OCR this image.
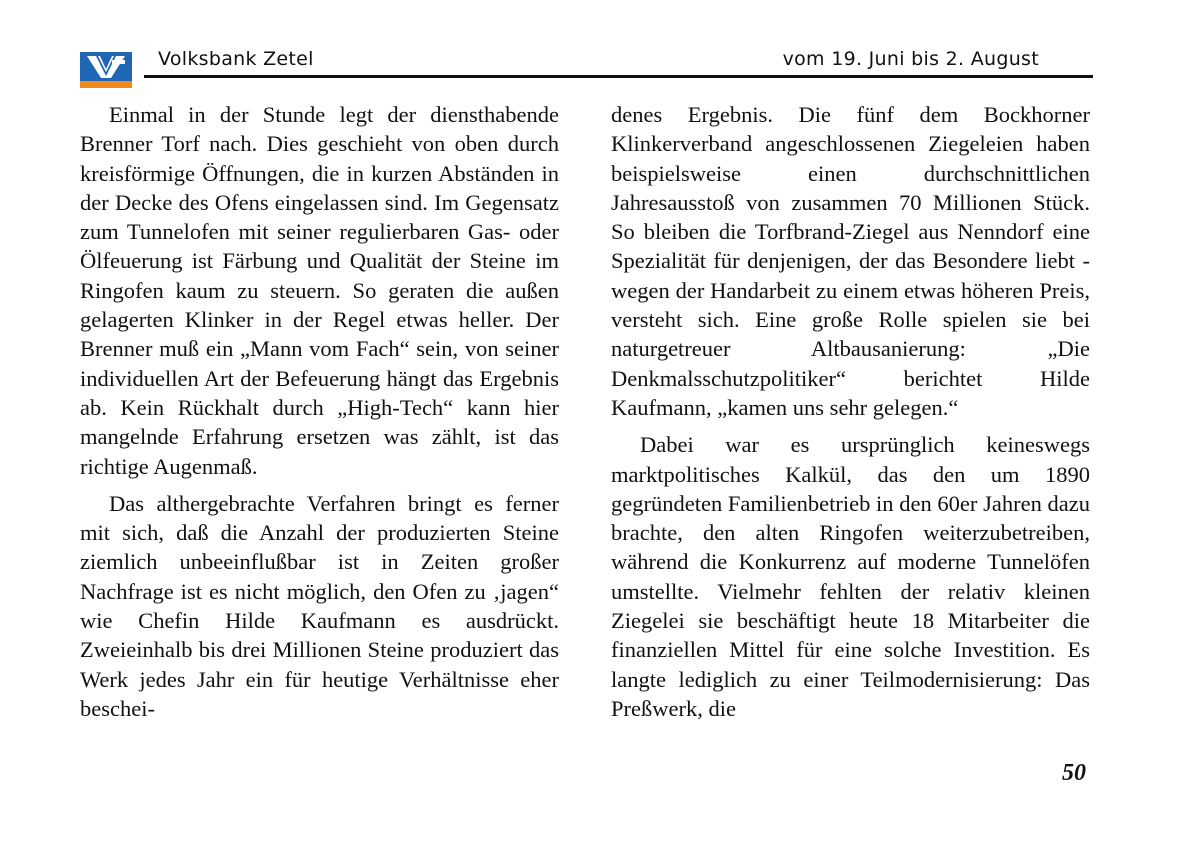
Volksbank Zetel	vom 19. Juni bis 2. August

Einmal in der Stunde legt der diensthabende Brenner Torf nach. Dies geschieht von oben durch kreisförmige Öffnungen, die in kurzen Abständen in der Decke des Ofens eingelassen sind. Im Gegensatz zum Tunnelofen mit seiner regulierbaren Gas- oder Ölfeuerung ist Färbung und Qualität der Steine im Ringofen kaum zu steuern. So geraten die außen gelagerten Klinker in der Regel etwas heller. Der Brenner muß ein „Mann vom Fach“ sein, von seiner individuellen Art der Befeuerung hängt das Ergebnis ab. Kein Rückhalt durch „High-Tech“ kann hier mangelnde Erfahrung ersetzen was zählt, ist das richtige Augenmaß.

Das althergebrachte Verfahren bringt es ferner mit sich, daß die Anzahl der produzierten Steine ziemlich unbeeinflußbar ist in Zeiten großer Nachfrage ist es nicht möglich, den Ofen zu ‚jagen“ wie Chefin Hilde Kaufmann es ausdrückt. Zweieinhalb bis drei Millionen Steine produziert das Werk jedes Jahr ein für heutige Verhältnisse eher beschei-

denes Ergebnis. Die fünf dem Bockhorner Klinkerverband angeschlossenen Ziegeleien haben beispielsweise einen durchschnittlichen Jahresausstoß von zusammen 70 Millionen Stück. So bleiben die Torfbrand-Ziegel aus Nenndorf eine Spezialität für denjenigen, der das Besondere liebt - wegen der Handarbeit zu einem etwas höheren Preis, versteht sich. Eine große Rolle spielen sie bei naturgetreuer Altbausanierung: „Die Denkmalsschutzpolitiker“ berichtet Hilde Kaufmann, „kamen uns sehr gelegen.“

Dabei war es ursprünglich keineswegs marktpolitisches Kalkül, das den um 1890 gegründeten Familienbetrieb in den 60er Jahren dazu brachte, den alten Ringofen weiterzubetreiben, während die Konkurrenz auf moderne Tunnelöfen umstellte. Vielmehr fehlten der relativ kleinen Ziegelei sie beschäftigt heute 18 Mitarbeiter die finanziellen Mittel für eine solche Investition. Es langte lediglich zu einer Teilmodernisierung: Das Preßwerk, die

50
